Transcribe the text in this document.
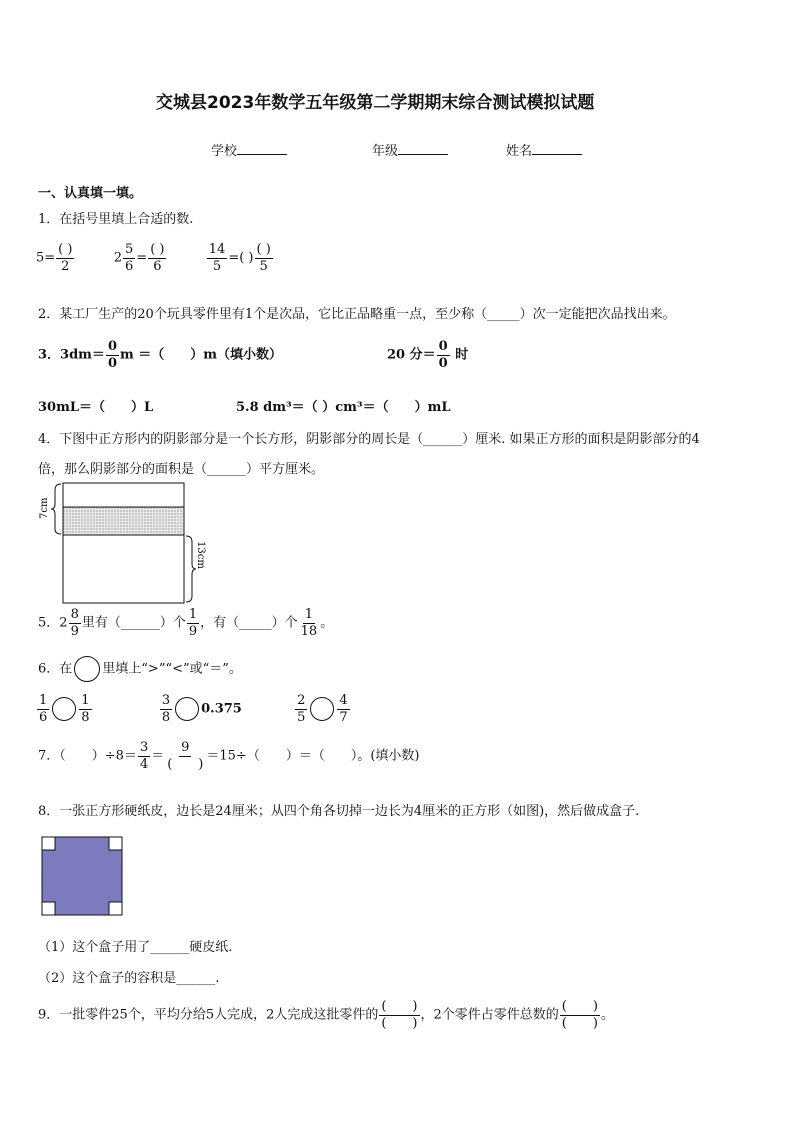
交城县2023年数学五年级第二学期期末综合测试模拟试题
学校	年级	姓名
一、认真填一填。
1．在括号里填上合适的数.
$5= \frac{( )}{2}$	$2 \frac{5}{6} = \frac{( )}{6}$
	$\frac{14}{5}$ =( ) $\frac{( )}{5}$
2．某工厂生产的20个玩具零件里有1个是次品，它比正品略重一点，至少称（_____）次一定能把次品找出来。
3．$3dm= \frac{0}{0}$ m ＝（　　）m（填小数）	20 分＝ $\frac{0}{0}$ 时
30mL＝（　　）L	5.8 dm³＝（ ）cm³＝（　　）mL
4．下图中正方形内的阴影部分是一个长方形，阴影部分的周长是（______）厘米. 如果正方形的面积是阴影部分的4
倍，那么阴影部分的面积是（______）平方厘米。
7cm
13cm
5．$2 \frac{8}{9}$ 里有（______）个 $\frac{1}{9}$ ，有（_____）个 $\frac{1}{18}$ 。
6．在 里填上“>”“<”或“＝”。
$\frac{1}{6} \frac{1}{8}$
	$\frac{3}{8} 0.375$	$\frac{2}{5} \frac{4}{7}$
7．（　　）$\div 8= \frac{3}{4} = \frac{9}{( )} =15\div$（　　）＝（　　）。(填小数)
8．一张正方形硬纸皮，边长是24厘米；从四个角各切掉一边长为4厘米的正方形（如图)，然后做成盒子.
（1）这个盒子用了______硬皮纸.
（2）这个盒子的容积是______.
9．一批零件25个，平均分给5人完成，2人完成这批零件的 $\frac{( )}{( )}$ ，2个零件占零件总数的 $\frac{( )}{( )}$ 。
